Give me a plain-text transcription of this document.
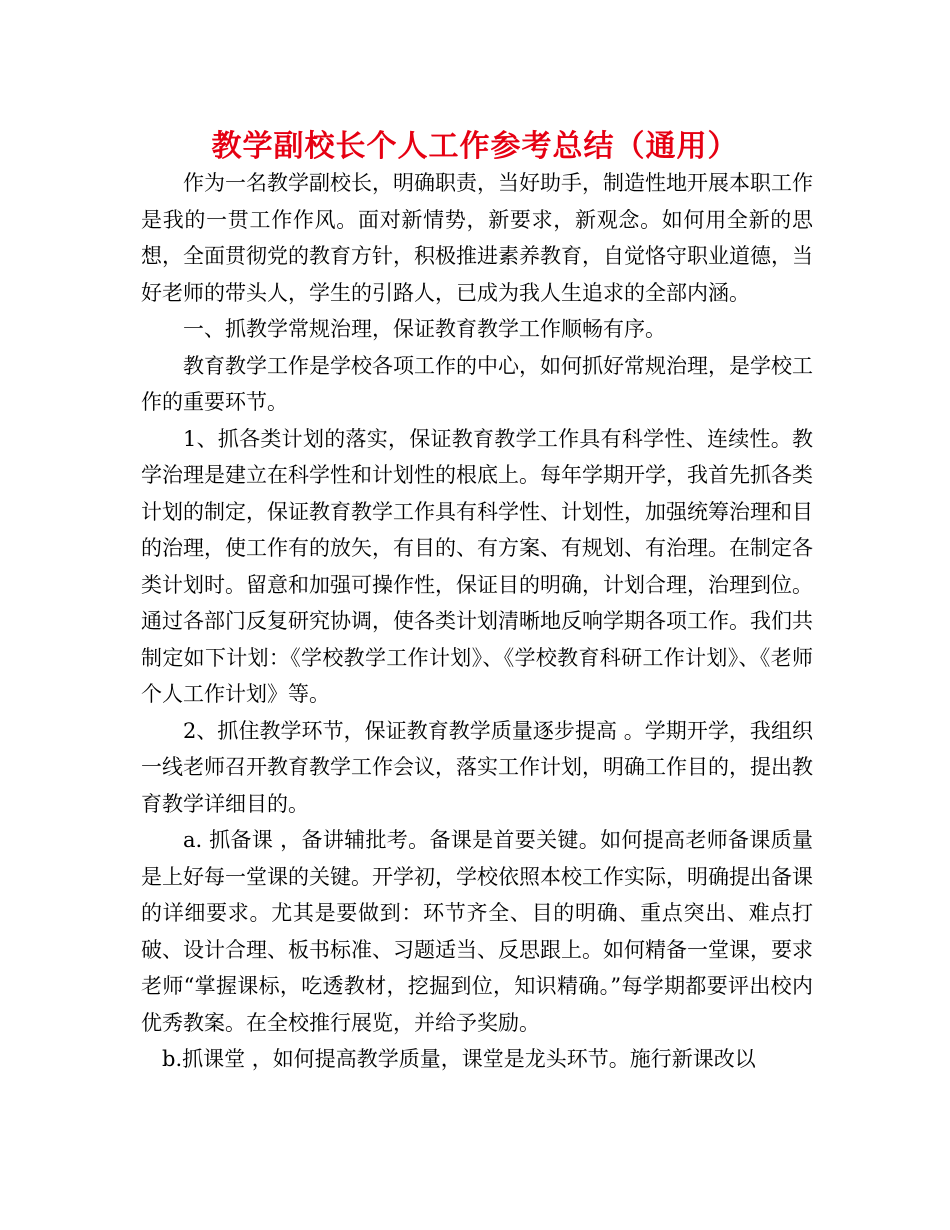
教学副校长个人工作参考总结（通用）

作为一名教学副校长，明确职责，当好助手，制造性地开展本职工作是我的一贯工作作风。面对新情势，新要求，新观念。如何用全新的思想，全面贯彻党的教育方针，积极推进素养教育，自觉恪守职业道德，当好老师的带头人，学生的引路人，已成为我人生追求的全部内涵。

一、抓教学常规治理，保证教育教学工作顺畅有序。

教育教学工作是学校各项工作的中心，如何抓好常规治理，是学校工作的重要环节。

1、抓各类计划的落实，保证教育教学工作具有科学性、连续性。教学治理是建立在科学性和计划性的根底上。每年学期开学，我首先抓各类计划的制定，保证教育教学工作具有科学性、计划性，加强统筹治理和目的治理，使工作有的放矢，有目的、有方案、有规划、有治理。在制定各类计划时。留意和加强可操作性，保证目的明确，计划合理，治理到位。通过各部门反复研究协调，使各类计划清晰地反响学期各项工作。我们共制定如下计划：《学校教学工作计划》、《学校教育科研工作计划》、《老师个人工作计划》等。

2、抓住教学环节，保证教育教学质量逐步提高 。学期开学，我组织一线老师召开教育教学工作会议，落实工作计划，明确工作目的，提出教育教学详细目的。

a. 抓备课 ，备讲辅批考。备课是首要关键。如何提高老师备课质量是上好每一堂课的关键。开学初，学校依照本校工作实际，明确提出备课的详细要求。尤其是要做到：环节齐全、目的明确、重点突出、难点打破、设计合理、板书标准、习题适当、反思跟上。如何精备一堂课，要求老师“掌握课标，吃透教材，挖掘到位，知识精确。”每学期都要评出校内优秀教案。在全校推行展览，并给予奖励。

b.抓课堂 ，如何提高教学质量，课堂是龙头环节。施行新课改以
